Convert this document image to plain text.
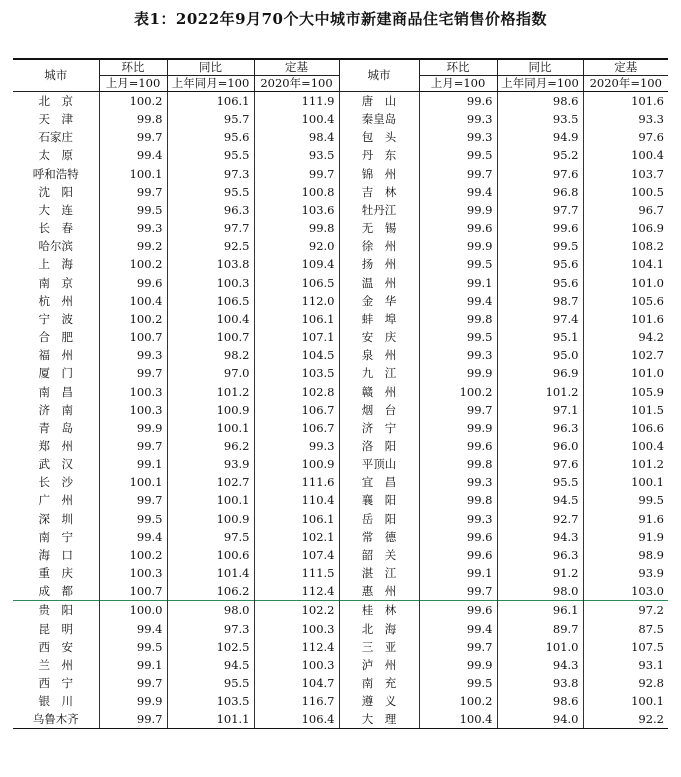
表1：2022年9月70个大中城市新建商品住宅销售价格指数
城市	环比	同比	定基	城市	环比	同比	定基
	上月=100	上年同月=100	2020年=100		上月=100	上年同月=100	2020年=100
北　京	100.2	106.1	111.9	唐　山	99.6	98.6	101.6
天　津	99.8	95.7	100.4	秦皇岛	99.3	93.5	93.3
石家庄	99.7	95.6	98.4	包　头	99.3	94.9	97.6
太　原	99.4	95.5	93.5	丹　东	99.5	95.2	100.4
呼和浩特	100.1	97.3	99.7	锦　州	99.7	97.6	103.7
沈　阳	99.7	95.5	100.8	吉　林	99.4	96.8	100.5
大　连	99.5	96.3	103.6	牡丹江	99.9	97.7	96.7
长　春	99.3	97.7	99.8	无　锡	99.6	99.6	106.9
哈尔滨	99.2	92.5	92.0	徐　州	99.9	99.5	108.2
上　海	100.2	103.8	109.4	扬　州	99.5	95.6	104.1
南　京	99.6	100.3	106.5	温　州	99.1	95.6	101.0
杭　州	100.4	106.5	112.0	金　华	99.4	98.7	105.6
宁　波	100.2	100.4	106.1	蚌　埠	99.8	97.4	101.6
合　肥	100.7	100.7	107.1	安　庆	99.5	95.1	94.2
福　州	99.3	98.2	104.5	泉　州	99.3	95.0	102.7
厦　门	99.7	97.0	103.5	九　江	99.9	96.9	101.0
南　昌	100.3	101.2	102.8	赣　州	100.2	101.2	105.9
济　南	100.3	100.9	106.7	烟　台	99.7	97.1	101.5
青　岛	99.9	100.1	106.7	济　宁	99.9	96.3	106.6
郑　州	99.7	96.2	99.3	洛　阳	99.6	96.0	100.4
武　汉	99.1	93.9	100.9	平顶山	99.8	97.6	101.2
长　沙	100.1	102.7	111.6	宜　昌	99.3	95.5	100.1
广　州	99.7	100.1	110.4	襄　阳	99.8	94.5	99.5
深　圳	99.5	100.9	106.1	岳　阳	99.3	92.7	91.6
南　宁	99.4	97.5	102.1	常　德	99.6	94.3	91.9
海　口	100.2	100.6	107.4	韶　关	99.6	96.3	98.9
重　庆	100.3	101.4	111.5	湛　江	99.1	91.2	93.9
成　都	100.7	106.2	112.4	惠　州	99.7	98.0	103.0
贵　阳	100.0	98.0	102.2	桂　林	99.6	96.1	97.2
昆　明	99.4	97.3	100.3	北　海	99.4	89.7	87.5
西　安	99.5	102.5	112.4	三　亚	99.7	101.0	107.5
兰　州	99.1	94.5	100.3	泸　州	99.9	94.3	93.1
西　宁	99.7	95.5	104.7	南　充	99.5	93.8	92.8
银　川	99.9	103.5	116.7	遵　义	100.2	98.6	100.1
乌鲁木齐	99.7	101.1	106.4	大　理	100.4	94.0	92.2
